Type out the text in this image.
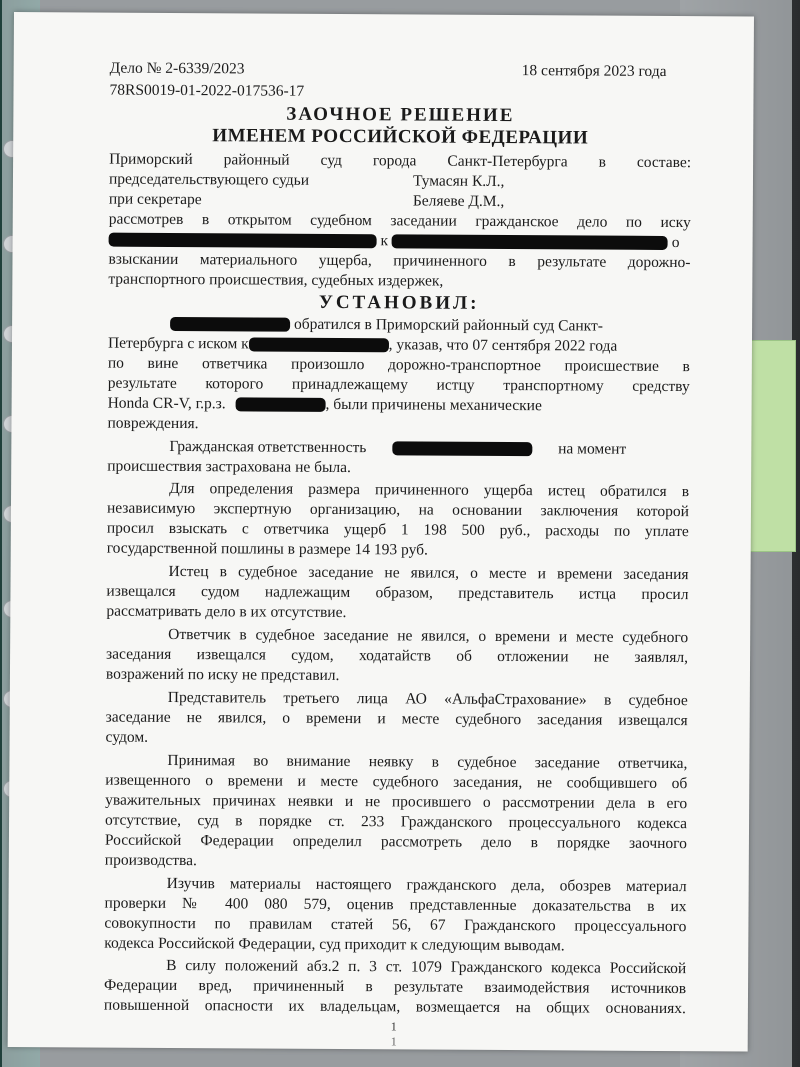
Дело № 2-6339/2023	18 сентября 2023 года
78RS0019-01-2022-017536-17
ЗАОЧНОЕ РЕШЕНИЕ
ИМЕНЕМ РОССИЙСКОЙ ФЕДЕРАЦИИ
Приморский районный суд города Санкт-Петербурга в составе:
председательствующего судьи	Тумасян К.Л.,
при секретаре	Беляеве Д.М.,
рассмотрев в открытом судебном заседании гражданское дело по иску
к	о
взыскании материального ущерба, причиненного в результате дорожно-
транспортного происшествия, судебных издержек,
УСТАНОВИЛ:
обратился в Приморский районный суд Санкт-
Петербурга с иском к	, указав, что 07 сентября 2022 года
по вине ответчика произошло дорожно-транспортное происшествие в
результате которого принадлежащему истцу транспортному средству
Honda CR-V, г.р.з.	, были причинены механические
повреждения.
Гражданская ответственность	на момент
происшествия застрахована не была.
Для определения размера причиненного ущерба истец обратился в
независимую экспертную организацию, на основании заключения которой
просил взыскать с ответчика ущерб 1 198 500 руб., расходы по уплате
государственной пошлины в размере 14 193 руб.
Истец в судебное заседание не явился, о месте и времени заседания
извещался судом надлежащим образом, представитель истца просил
рассматривать дело в их отсутствие.
Ответчик в судебное заседание не явился, о времени и месте судебного
заседания извещался судом, ходатайств об отложении не заявлял,
возражений по иску не представил.
Представитель третьего лица АО «АльфаСтрахование» в судебное
заседание не явился, о времени и месте судебного заседания извещался
судом.
Принимая во внимание неявку в судебное заседание ответчика,
извещенного о времени и месте судебного заседания, не сообщившего об
уважительных причинах неявки и не просившего о рассмотрении дела в его
отсутствие, суд в порядке ст. 233 Гражданского процессуального кодекса
Российской Федерации определил рассмотреть дело в порядке заочного
производства.
Изучив материалы настоящего гражданского дела, обозрев материал
проверки № 400 080 579, оценив представленные доказательства в их
совокупности по правилам статей 56, 67 Гражданского процессуального
кодекса Российской Федерации, суд приходит к следующим выводам.
В силу положений абз.2 п. 3 ст. 1079 Гражданского кодекса Российской
Федерации вред, причиненный в результате взаимодействия источников
повышенной опасности их владельцам, возмещается на общих основаниях.
1
1
